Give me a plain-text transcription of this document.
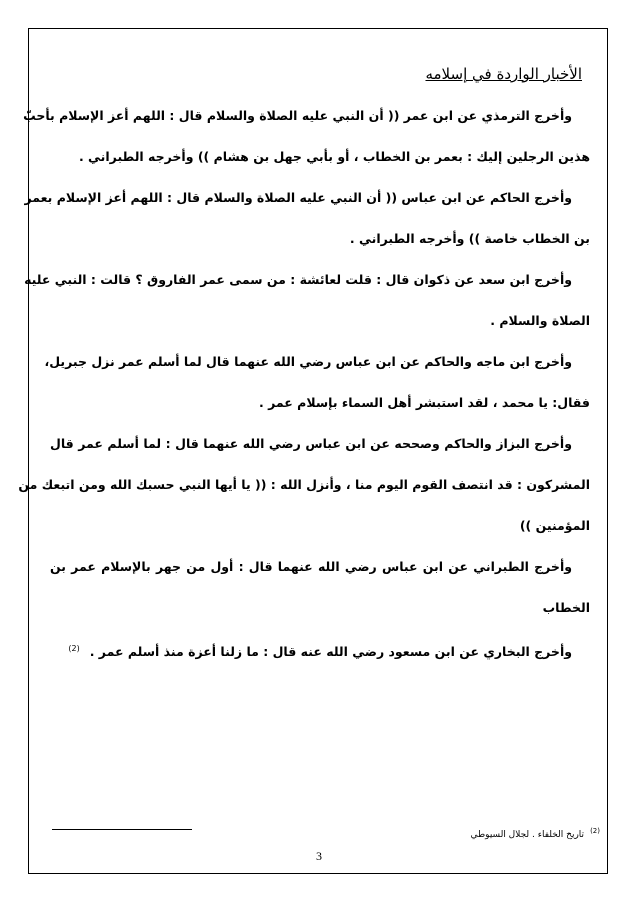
الأخبار الواردة في إسلامه
وأخرج الترمذي عن ابن عمر (( أن النبي عليه الصلاة والسلام قال : اللهم أعز الإسلام بأحبّ
هذين الرجلين إليك : بعمر بن الخطاب ، أو بأبي جهل بن هشام )) وأخرجه الطبراني .
وأخرج الحاكم عن ابن عباس (( أن النبي عليه الصلاة والسلام قال : اللهم أعز الإسلام بعمر
بن الخطاب خاصة )) وأخرجه الطبراني .
وأخرج ابن سعد عن ذكوان قال : قلت لعائشة : من سمى عمر الفاروق ؟ قالت : النبي عليه
الصلاة والسلام .
وأخرج ابن ماجه والحاكم عن ابن عباس رضي الله عنهما قال لما أسلم عمر نزل جبريل،
فقال: يا محمد ، لقد استبشر أهل السماء بإسلام عمر .
وأخرج البزاز والحاكم وصححه عن ابن عباس رضي الله عنهما قال : لما أسلم عمر قال
المشركون : قد انتصف القوم اليوم منا ، وأنزل الله : (( يا أيها النبي حسبك الله ومن اتبعك من
المؤمنين ))
وأخرج الطبراني عن ابن عباس رضي الله عنهما قال : أول من جهر بالإسلام عمر بن
الخطاب
وأخرج البخاري عن ابن مسعود رضي الله عنه قال : ما زلنا أعزة منذ أسلم عمر .$^{(2)}$
$^{(2)}$تاريخ الخلفاء . لجلال السيوطي
3
